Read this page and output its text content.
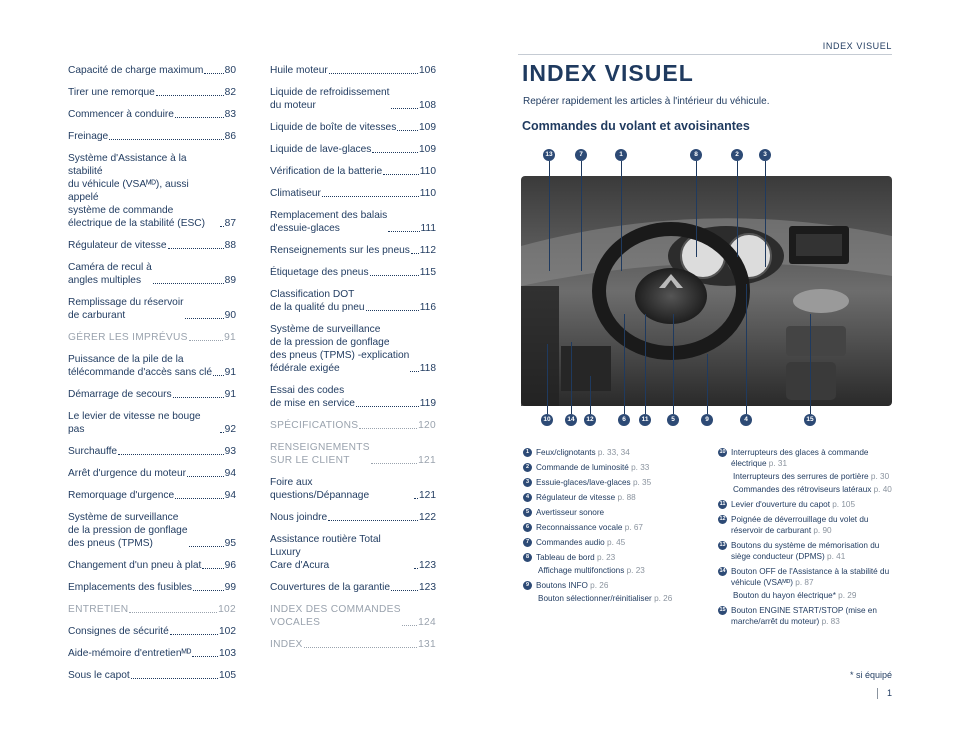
INDEX VISUEL
Capacité de charge maximum 80
Tirer une remorque	82
Commencer à conduire	83
Freinage	86
Système d'Assistance à la stabilité
du véhicule (VSAᴹᴰ), aussi appelé
système de commande
électrique de la stabilité (ESC)	87
Régulateur de vitesse	88
Caméra de recul à
angles multiples	89
Remplissage du réservoir
de carburant	90
GÉRER LES IMPRÉVUS	91
Puissance de la pile de la
télécommande d'accès sans clé 91
Démarrage de secours	91
Le levier de vitesse ne bouge pas	92
Surchauffe	93
Arrêt d'urgence du moteur	94
Remorquage d'urgence	94
Système de surveillance
de la pression de gonflage
des pneus (TPMS)	95
Changement d'un pneu à plat 96
Emplacements des fusibles	99
ENTRETIEN	102
Consignes de sécurité	102
Aide-mémoire d'entretienᴹᴰ	103
Sous le capot	105
Huile moteur	106
Liquide de refroidissement
du moteur	108
Liquide de boîte de vitesses 109
Liquide de lave-glaces	109
Vérification de la batterie	110
Climatiseur	110
Remplacement des balais
d'essuie-glaces	111
Renseignements sur les pneus 112
Étiquetage des pneus	115
Classification DOT
de la qualité du pneu	116
Système de surveillance
de la pression de gonflage
des pneus (TPMS) -explication
fédérale exigée	118
Essai des codes
de mise en service	119
SPÉCIFICATIONS	120
RENSEIGNEMENTS
SUR LE CLIENT	121
Foire aux questions/Dépannage	121
Nous joindre	122
Assistance routière Total Luxury
Care d'Acura	123
Couvertures de la garantie	123
INDEX DES COMMANDES
VOCALES	124
INDEX	131
INDEX VISUEL
Repérer rapidement les articles à l'intérieur du véhicule.
Commandes du volant et avoisinantes
13	7	1	8	2	3
10	14	12	6	11	5	9	4	15
1 Feux/clignotants p. 33, 34
2 Commande de luminosité p. 33
3 Essuie-glaces/lave-glaces p. 35
4 Régulateur de vitesse p. 88
5 Avertisseur sonore
6 Reconnaissance vocale p. 67
7 Commandes audio p. 45
8 Tableau de bord p. 23
Affichage multifonctions p. 23
9 Boutons INFO p. 26
Bouton sélectionner/réinitialiser p. 26
10 Interrupteurs des glaces à commande électrique p. 31
Interrupteurs des serrures de portière p. 30
Commandes des rétroviseurs latéraux p. 40
11 Levier d'ouverture du capot p. 105
12 Poignée de déverrouillage du volet du réservoir de carburant p. 90
13 Boutons du système de mémorisation du siège conducteur (DPMS) p. 41
14 Bouton OFF de l'Assistance à la stabilité du véhicule (VSAᴹᴰ) p. 87
Bouton du hayon électrique* p. 29
15 Bouton ENGINE START/STOP (mise en marche/arrêt du moteur) p. 83
* si équipé
1
